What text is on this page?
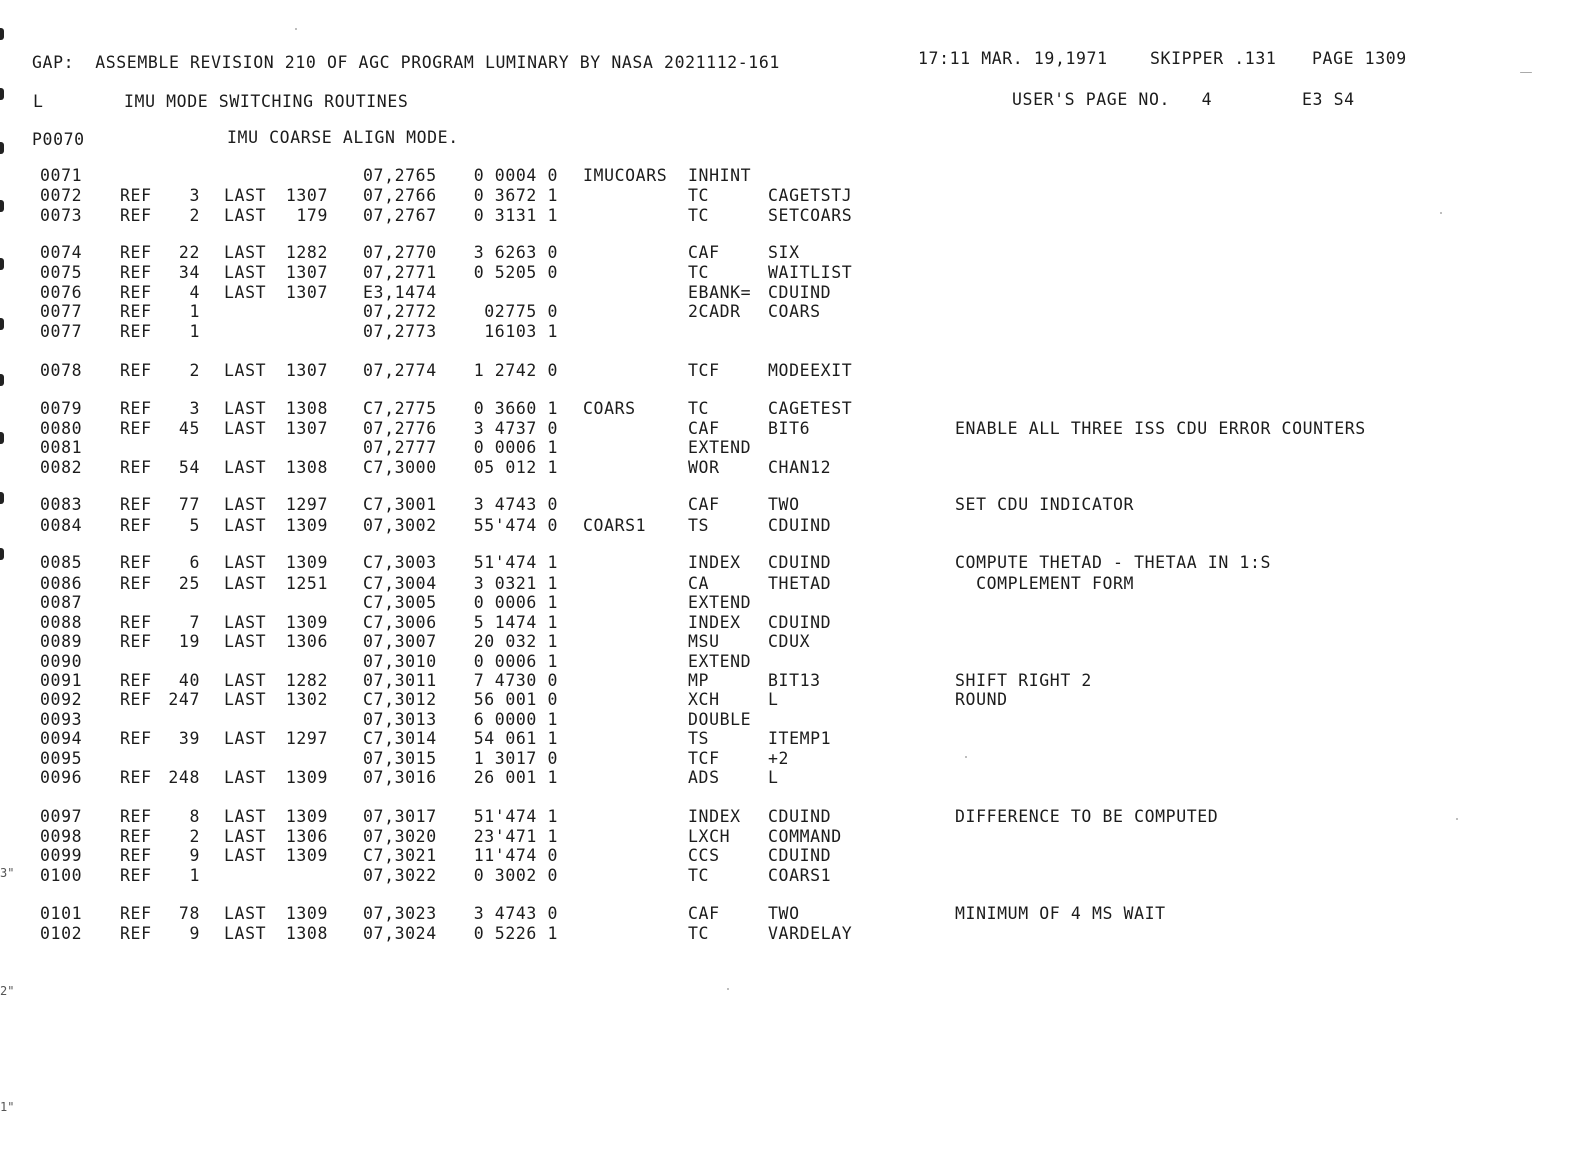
3"
2"
1"
GAP:  ASSEMBLE REVISION 210 OF AGC PROGRAM LUMINARY BY NASA 2021112-161	17:11 MAR. 19,1971	SKIPPER .131 PAGE 1309
L	IMU MODE SWITCHING ROUTINES	USER'S PAGE NO.   4	E3 S4
P0070	IMU COARSE ALIGN MODE.
0071	07,2765 0 0004 0 IMUCOARS INHINT
0072 REF 3 LAST 1307 07,2766 0 3672 1	TC	CAGETSTJ
0073 REF 2 LAST 179 07,2767 0 3131 1	TC	SETCOARS
0074 REF 22 LAST 1282 07,2770 3 6263 0	CAF	SIX
0075 REF 34 LAST 1307 07,2771 0 5205 0	TC	WAITLIST
0076 REF 4 LAST 1307 E3,1474	EBANK= CDUIND
0077 REF 1	07,2772	02775 0	2CADR COARS
0077 REF 1	07,2773	16103 1
0078 REF 2 LAST 1307 07,2774 1 2742 0	TCF	MODEEXIT
0079 REF 3 LAST 1308 C7,2775 0 3660 1 COARS	TC	CAGETEST
0080 REF 45 LAST 1307 07,2776 3 4737 0	CAF	BIT6	ENABLE ALL THREE ISS CDU ERROR COUNTERS
0081	07,2777 0 0006 1	EXTEND
0082 REF 54 LAST 1308 C7,3000 05 012 1	WOR	CHAN12
0083 REF 77 LAST 1297 C7,3001 3 4743 0	CAF	TWO	SET CDU INDICATOR
0084 REF 5 LAST 1309 07,3002 55'474 0 COARS1	TS	CDUIND
0085 REF 6 LAST 1309 C7,3003 51'474 1	INDEX CDUIND	COMPUTE THETAD - THETAA IN 1:S
0086 REF 25 LAST 1251 C7,3004 3 0321 1	CA	THETAD	COMPLEMENT FORM
0087	C7,3005 0 0006 1	EXTEND
0088 REF 7 LAST 1309 C7,3006 5 1474 1	INDEX CDUIND
0089 REF 19 LAST 1306 07,3007 20 032 1	MSU	CDUX
0090	07,3010 0 0006 1	EXTEND
0091 REF 40 LAST 1282 07,3011 7 4730 0	MP	BIT13	SHIFT RIGHT 2
0092 REF 247 LAST 1302 C7,3012 56 001 0	XCH	L	ROUND
0093	07,3013 6 0000 1	DOUBLE
0094 REF 39 LAST 1297 C7,3014 54 061 1	TS	ITEMP1
0095	07,3015 1 3017 0	TCF	+2
0096 REF 248 LAST 1309 07,3016 26 001 1	ADS	L
0097 REF 8 LAST 1309 07,3017 51'474 1	INDEX CDUIND	DIFFERENCE TO BE COMPUTED
0098 REF 2 LAST 1306 07,3020 23'471 1	LXCH COMMAND
0099 REF 9 LAST 1309 C7,3021 11'474 0	CCS	CDUIND
0100 REF 1	07,3022 0 3002 0	TC	COARS1
0101 REF 78 LAST 1309 07,3023 3 4743 0	CAF	TWO	MINIMUM OF 4 MS WAIT
0102 REF 9 LAST 1308 07,3024 0 5226 1	TC	VARDELAY
